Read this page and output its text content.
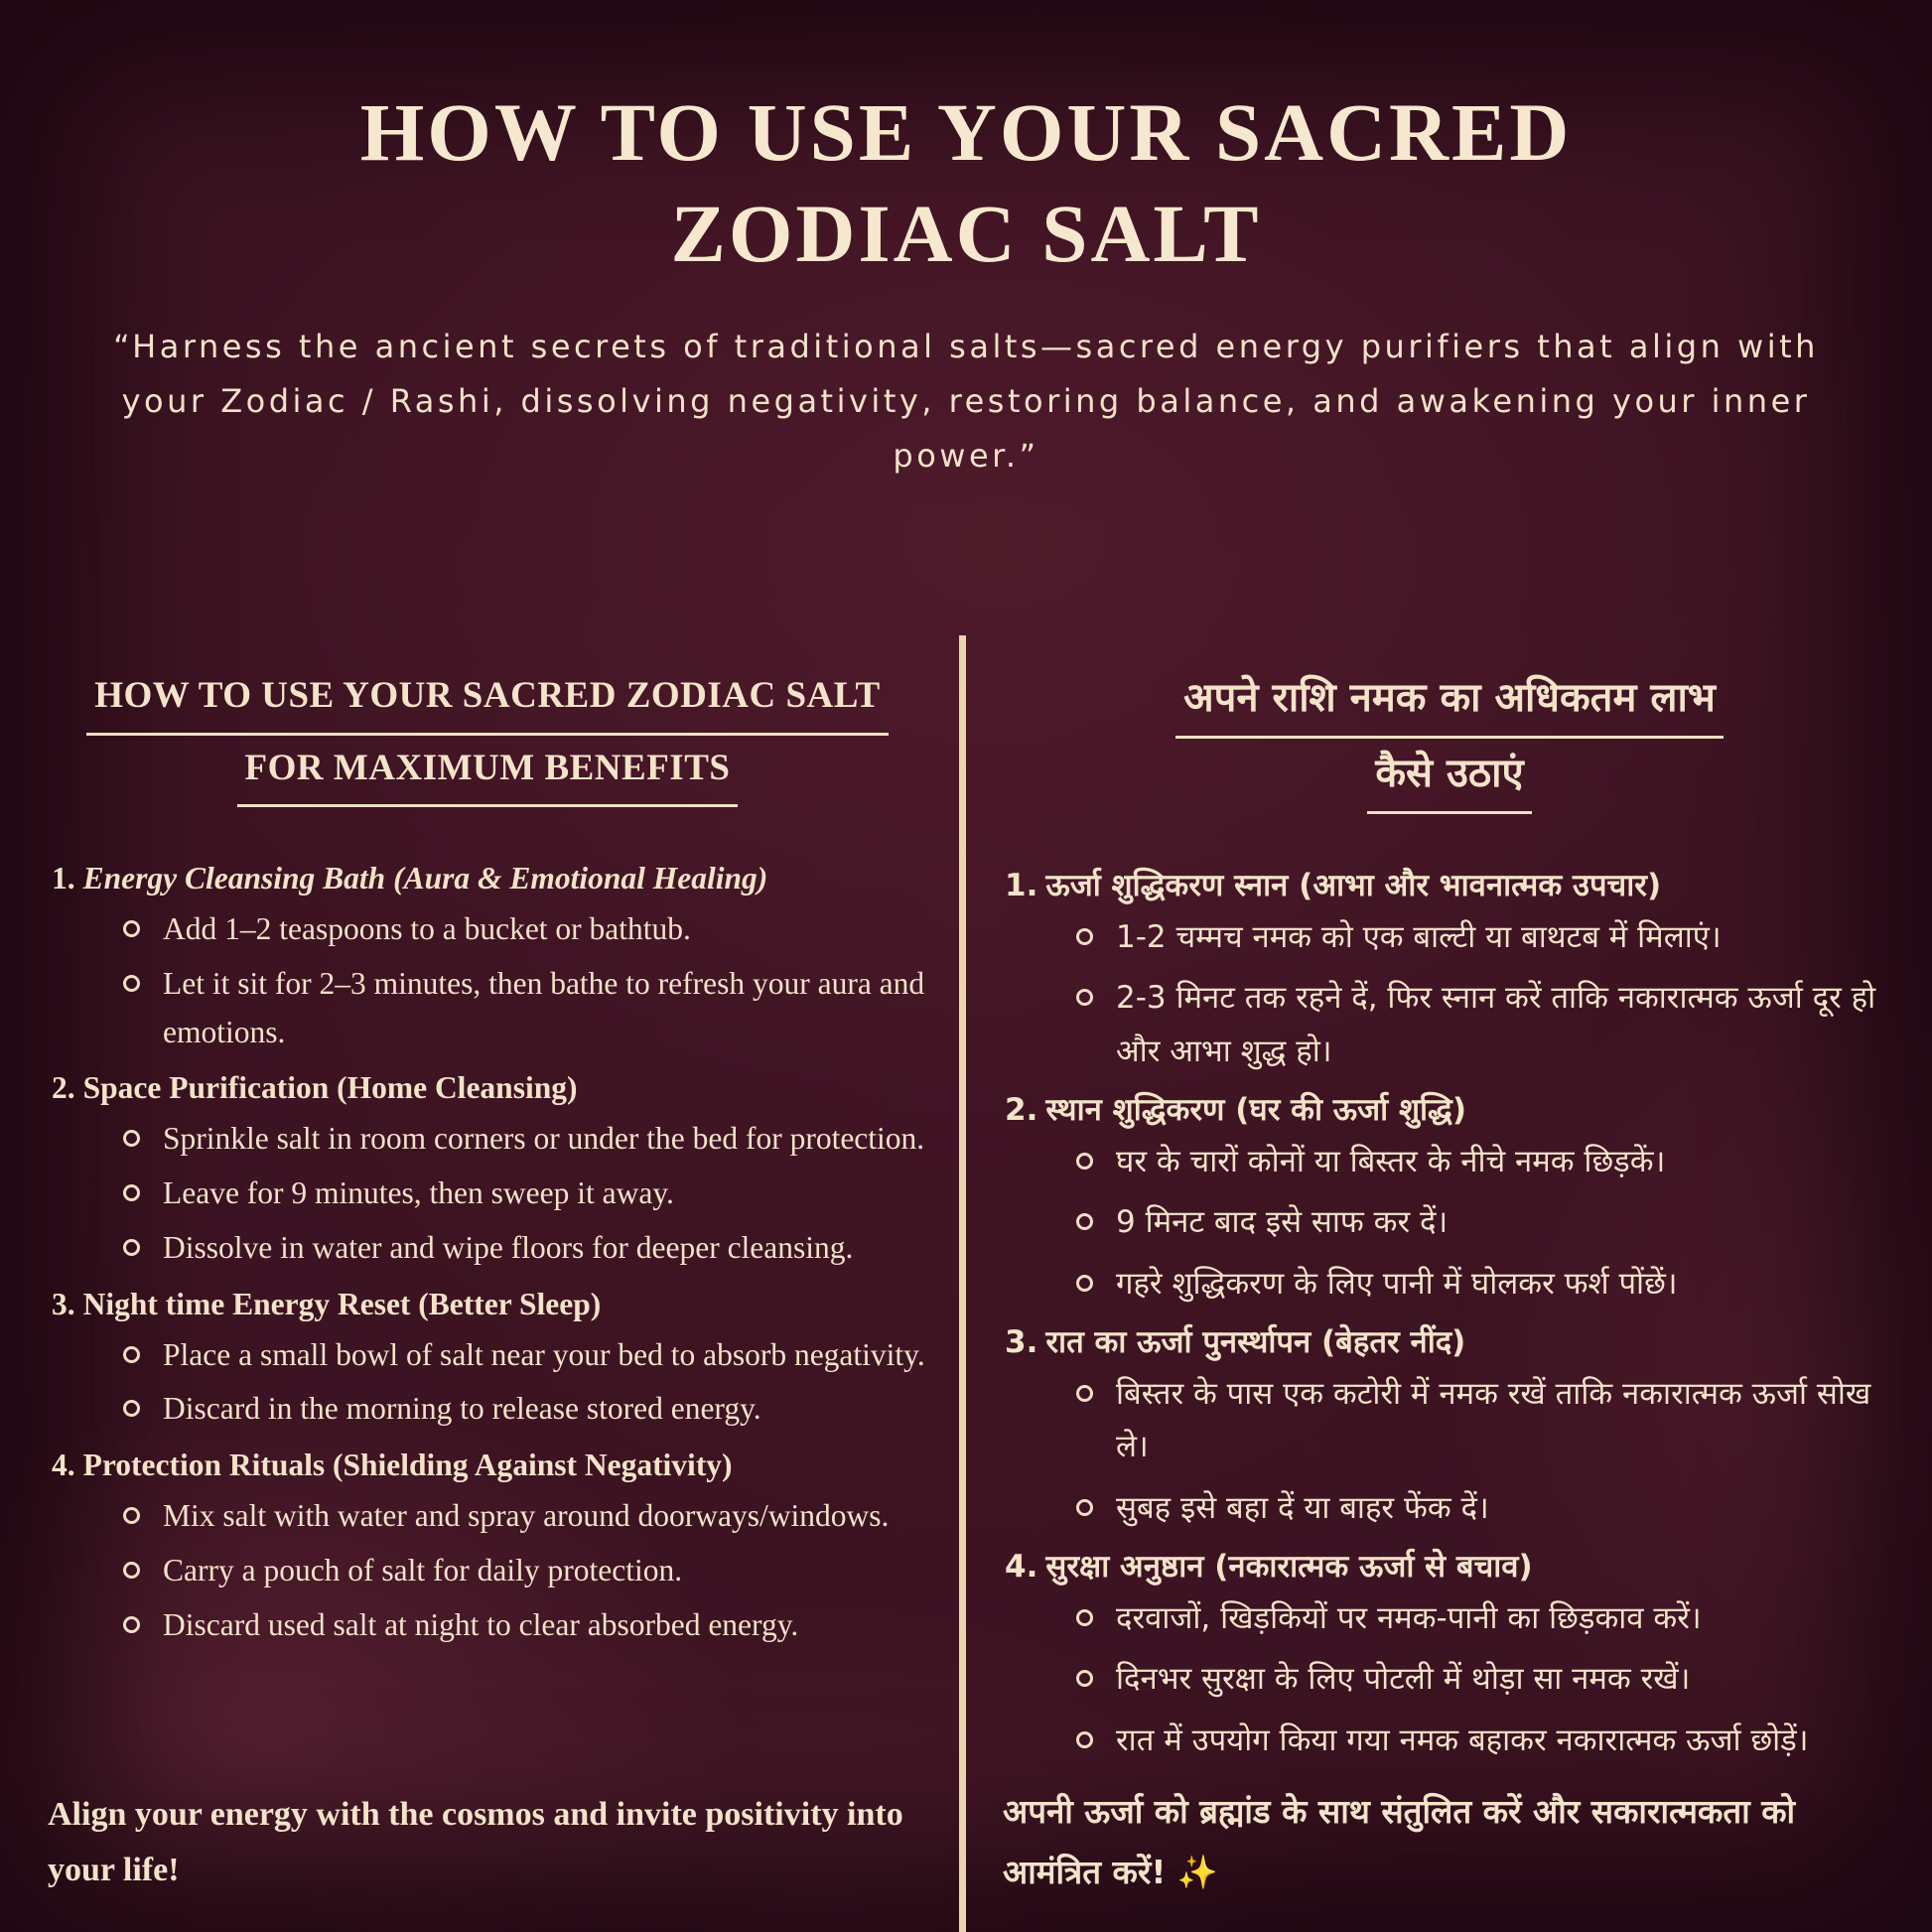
HOW TO USE YOUR SACRED
ZODIAC SALT

“Harness the ancient secrets of traditional salts—sacred energy purifiers that align with your Zodiac / Rashi, dissolving negativity, restoring balance, and awakening your inner power.”

HOW TO USE YOUR SACRED ZODIAC SALT
FOR MAXIMUM BENEFITS
1. Energy Cleansing Bath (Aura & Emotional Healing)
Add 1–2 teaspoons to a bucket or bathtub.
Let it sit for 2–3 minutes, then bathe to refresh your aura and emotions.
2. Space Purification (Home Cleansing)
Sprinkle salt in room corners or under the bed for protection.
Leave for 9 minutes, then sweep it away.
Dissolve in water and wipe floors for deeper cleansing.
3. Night time Energy Reset (Better Sleep)
Place a small bowl of salt near your bed to absorb negativity.
Discard in the morning to release stored energy.
4. Protection Rituals (Shielding Against Negativity)
Mix salt with water and spray around doorways/windows.
Carry a pouch of salt for daily protection.
Discard used salt at night to clear absorbed energy.

Align your energy with the cosmos and invite positivity into your life!

अपने राशि नमक का अधिकतम लाभ
कैसे उठाएं
1. ऊर्जा शुद्धिकरण स्नान (आभा और भावनात्मक उपचार)
1-2 चम्मच नमक को एक बाल्टी या बाथटब में मिलाएं।
2-3 मिनट तक रहने दें, फिर स्नान करें ताकि नकारात्मक ऊर्जा दूर हो और आभा शुद्ध हो।
2. स्थान शुद्धिकरण (घर की ऊर्जा शुद्धि)
घर के चारों कोनों या बिस्तर के नीचे नमक छिड़कें।
9 मिनट बाद इसे साफ कर दें।
गहरे शुद्धिकरण के लिए पानी में घोलकर फर्श पोंछें।
3. रात का ऊर्जा पुनर्स्थापन (बेहतर नींद)
बिस्तर के पास एक कटोरी में नमक रखें ताकि नकारात्मक ऊर्जा सोख ले।
सुबह इसे बहा दें या बाहर फेंक दें।
4. सुरक्षा अनुष्ठान (नकारात्मक ऊर्जा से बचाव)
दरवाजों, खिड़कियों पर नमक-पानी का छिड़काव करें।
दिनभर सुरक्षा के लिए पोटली में थोड़ा सा नमक रखें।
रात में उपयोग किया गया नमक बहाकर नकारात्मक ऊर्जा छोड़ें।

अपनी ऊर्जा को ब्रह्मांड के साथ संतुलित करें और सकारात्मकता को आमंत्रित करें! ✨
